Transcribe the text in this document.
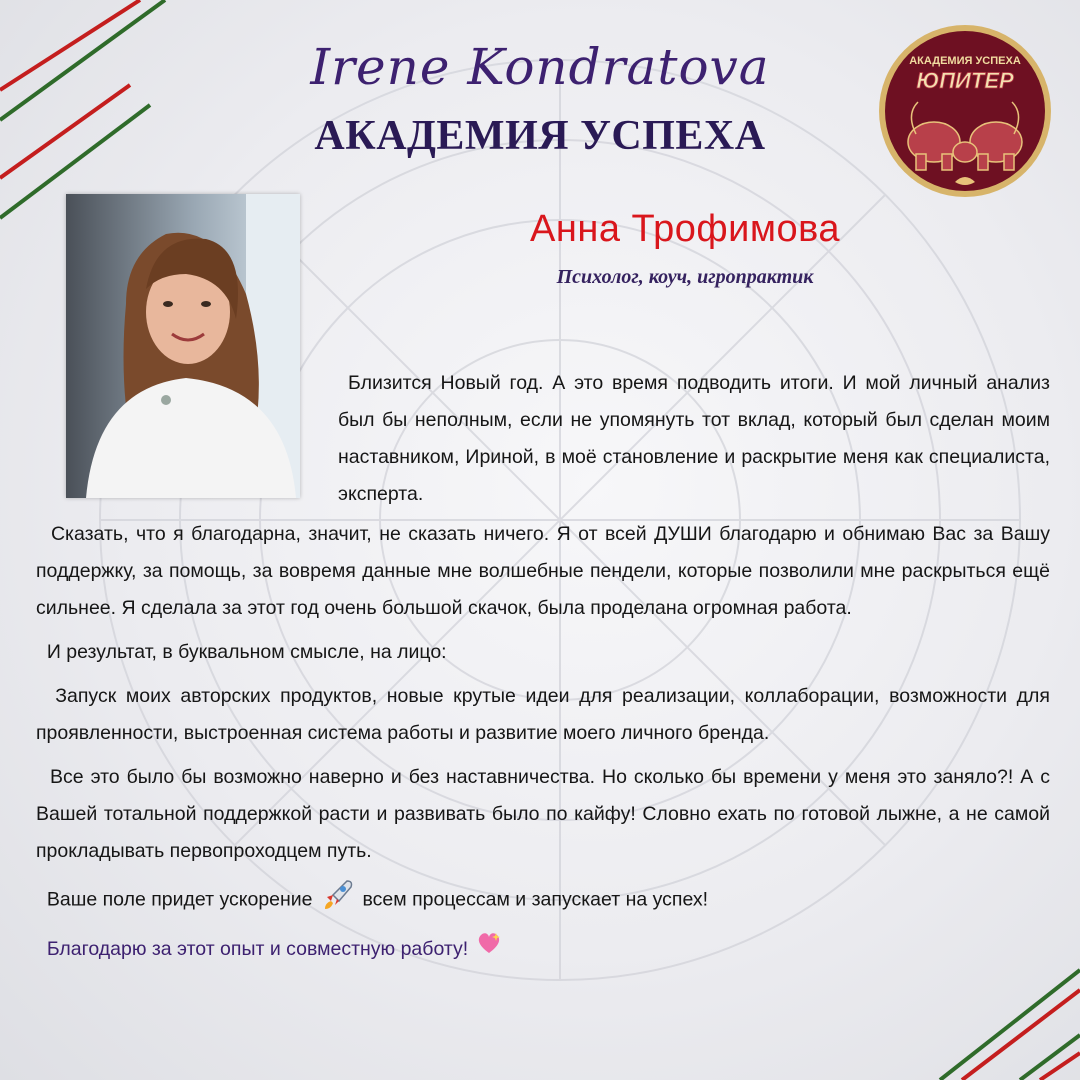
Irene Kondratova
АКАДЕМИЯ УСПЕХА
АКАДЕМИЯ УСПЕХА
ЮПИТЕР
Анна Трофимова
Психолог, коуч, игропрактик
Близится Новый год. А это время подводить итоги. И мой личный анализ был бы неполным, если не упомянуть тот вклад, который был сделан моим наставником, Ириной, в моё становление и раскрытие меня как специалиста, эксперта.

Сказать, что я благодарна, значит, не сказать ничего. Я от всей ДУШИ благодарю и обнимаю Вас за Вашу поддержку, за помощь, за вовремя данные мне волшебные пендели, которые позволили мне раскрыться ещё сильнее. Я сделала за этот год очень большой скачок, была проделана огромная работа.

И результат, в буквальном смысле, на лицо:

Запуск моих авторских продуктов, новые крутые идеи для реализации, коллаборации, возможности для проявленности, выстроенная система работы и развитие моего личного бренда.

Все это было бы возможно наверно и без наставничества. Но сколько бы времени у меня это заняло?! А с Вашей тотальной поддержкой расти и развивать было по кайфу! Словно ехать по готовой лыжне, а не самой прокладывать первопроходцем путь.

Ваше поле придет ускорение	всем процессам и запускает на успех!

Благодарю за этот опыт и совместную работу!
